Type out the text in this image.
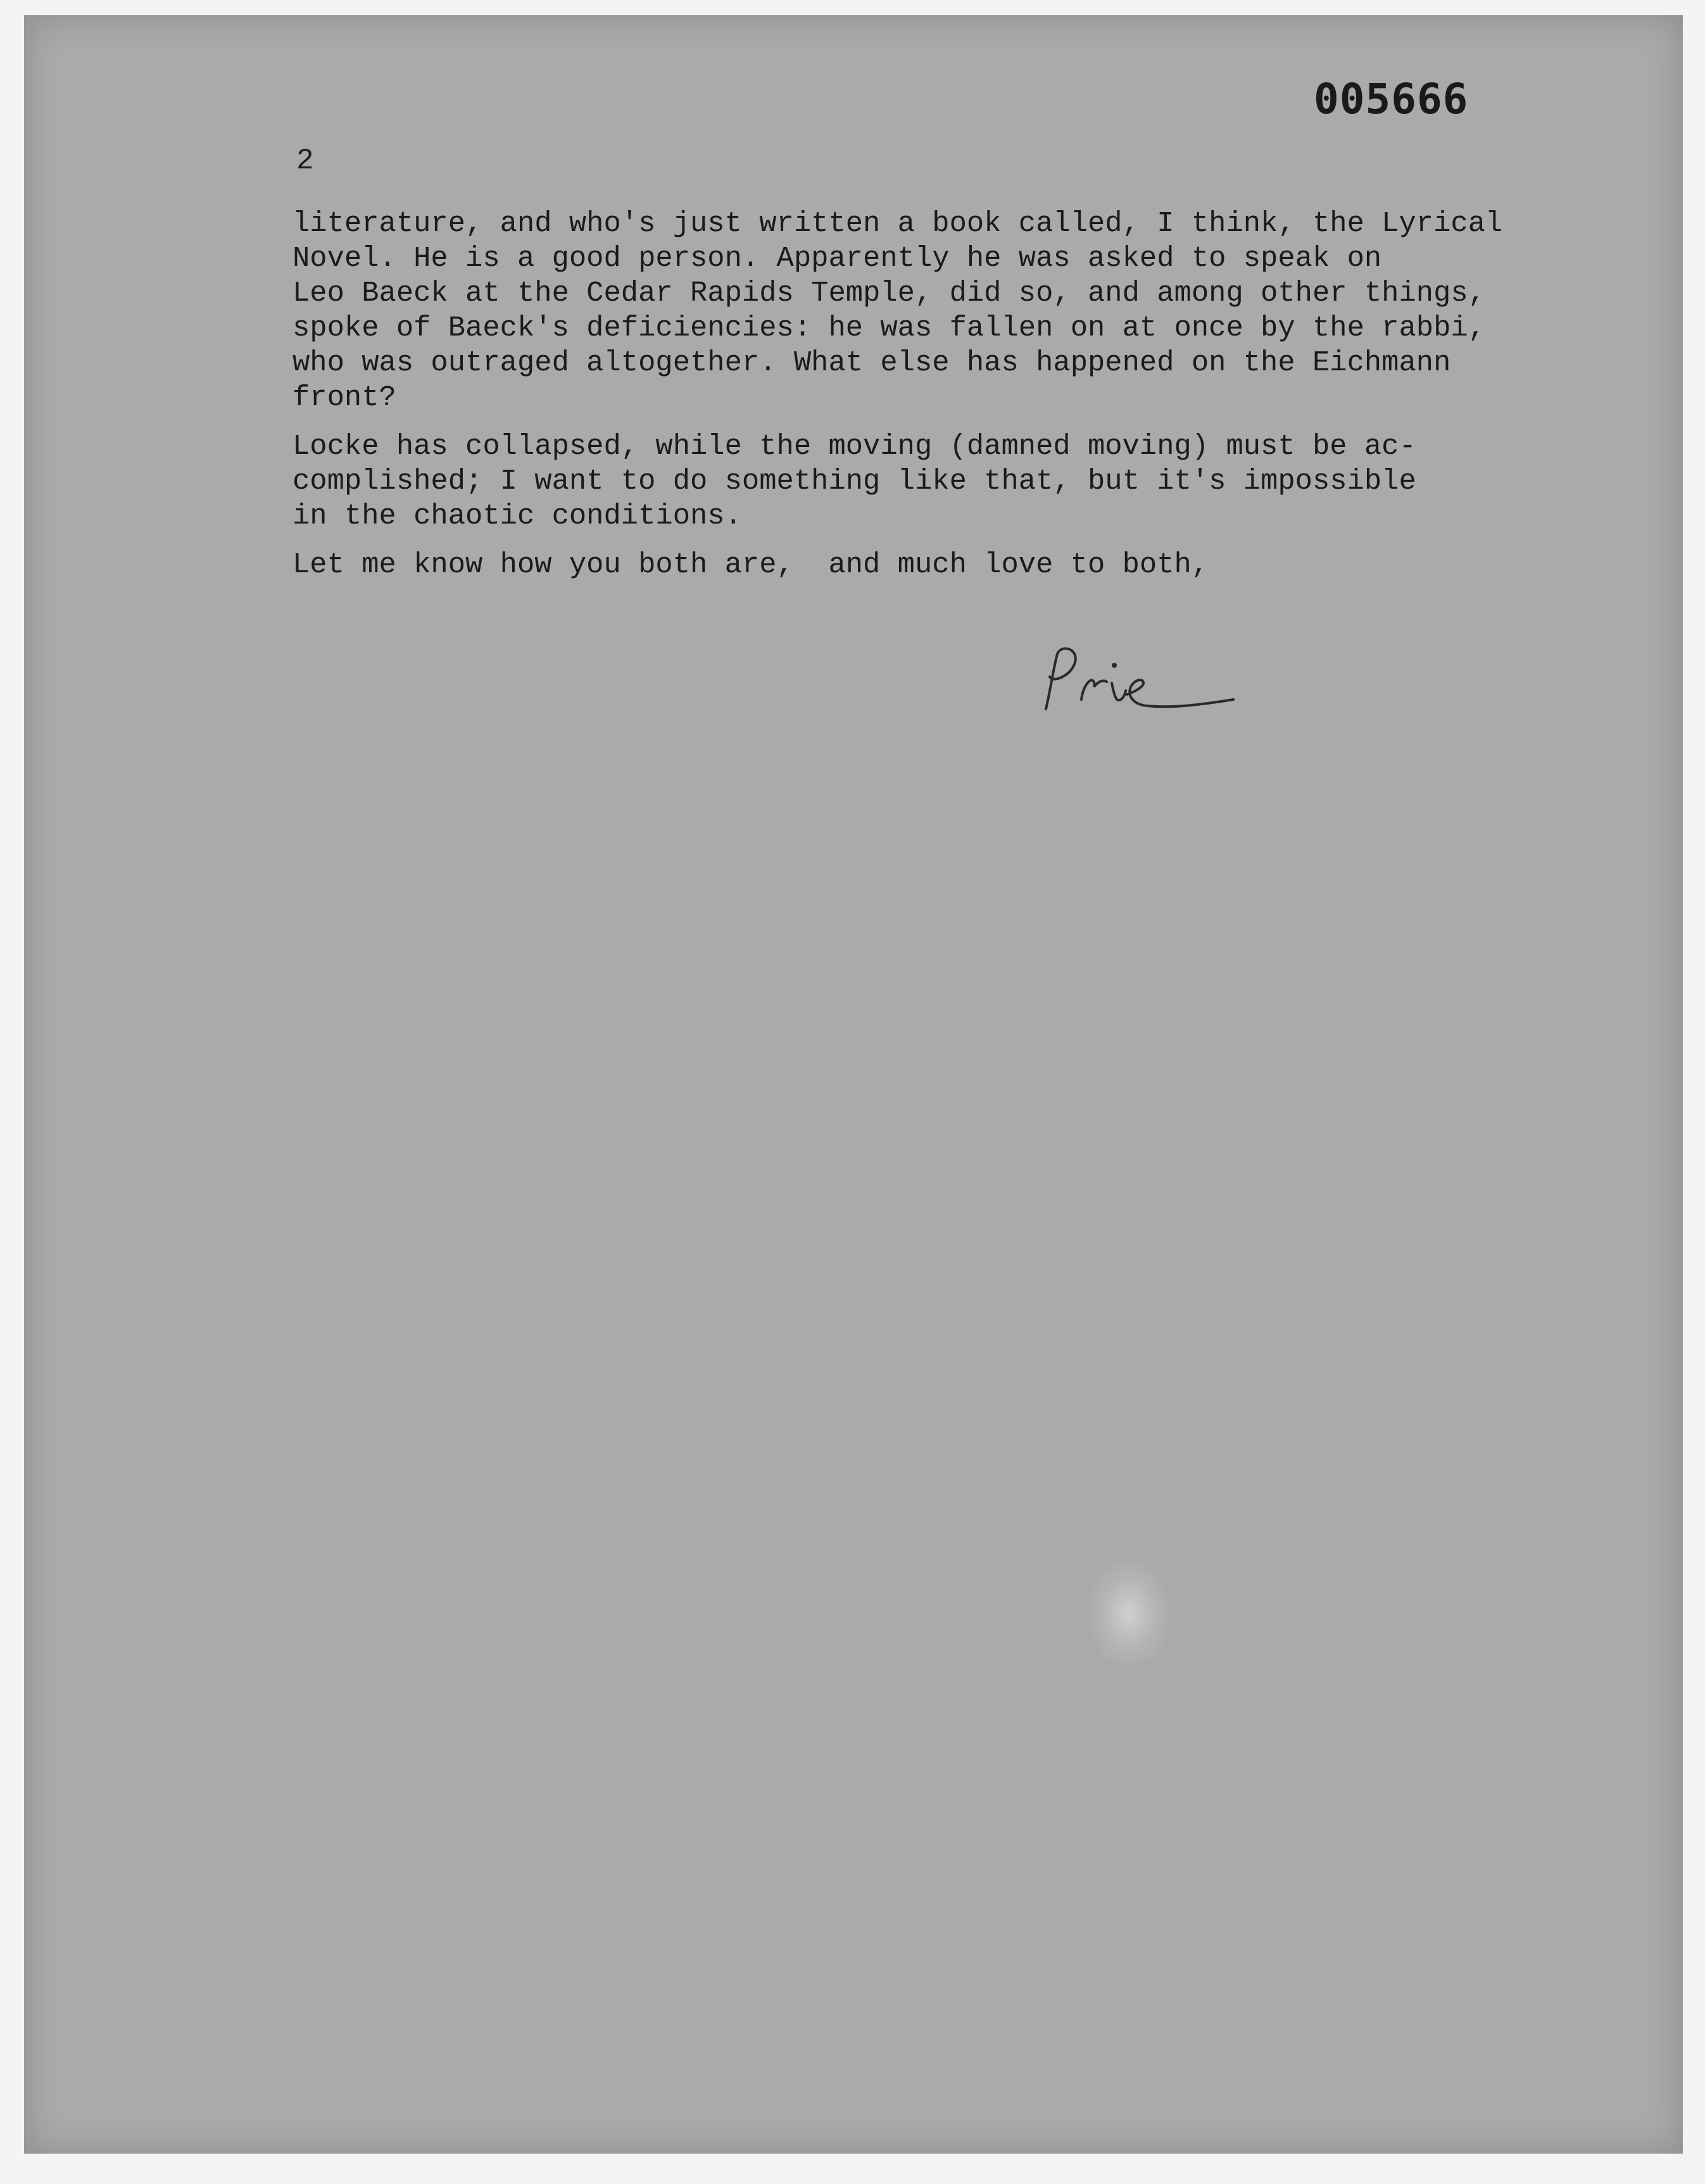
005666
2
literature, and who's just written a book called, I think, the Lyrical
Novel. He is a good person. Apparently he was asked to speak on
Leo Baeck at the Cedar Rapids Temple, did so, and among other things,
spoke of Baeck's deficiencies: he was fallen on at once by the rabbi,
who was outraged altogether. What else has happened on the Eichmann
front?
Locke has collapsed, while the moving (damned moving) must be ac-
complished; I want to do something like that, but it's impossible
in the chaotic conditions.
Let me know how you both are,  and much love to both,
